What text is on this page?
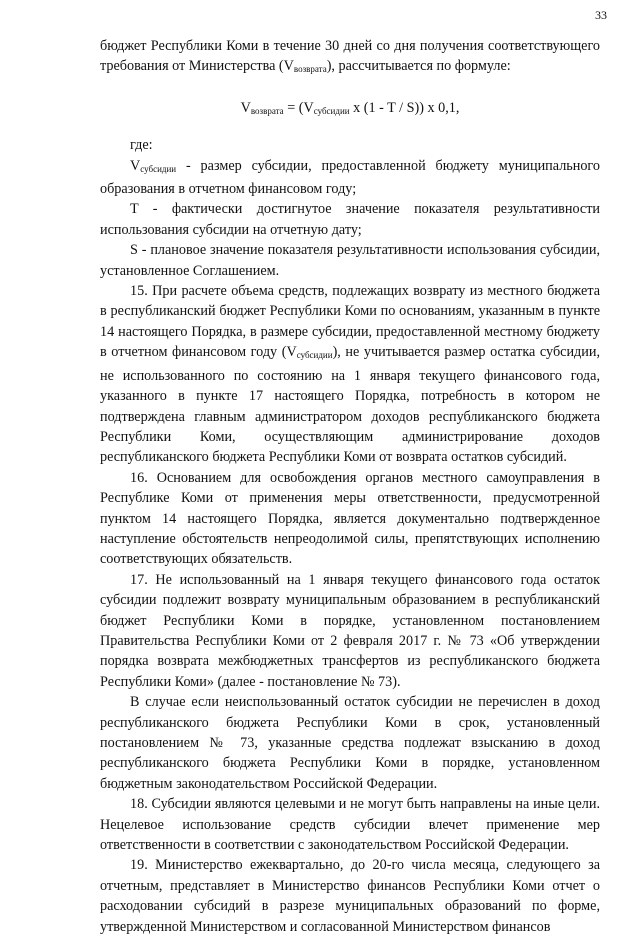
33

бюджет Республики Коми в течение 30 дней со дня получения соответствующего требования от Министерства $(V_{возврата})$, рассчитывается по формуле:

$V_{возврата} = (V_{субсидии}$ x (1 - T / S)) x 0,1,

где:

$V_{субсидии}$ - размер субсидии, предоставленной бюджету муниципального образования в отчетном финансовом году;

T - фактически достигнутое значение показателя результативности использования субсидии на отчетную дату;

S - плановое значение показателя результативности использования субсидии, установленное Соглашением.

15. При расчете объема средств, подлежащих возврату из местного бюджета в республиканский бюджет Республики Коми по основаниям, указанным в пункте 14 настоящего Порядка, в размере субсидии, предоставленной местному бюджету в отчетном финансовом году $(V_{субсидии})$, не учитывается размер остатка субсидии, не использованного по состоянию на 1 января текущего финансового года, указанного в пункте 17 настоящего Порядка, потребность в котором не подтверждена главным администратором доходов республиканского бюджета Республики Коми, осуществляющим администрирование доходов республиканского бюджета Республики Коми от возврата остатков субсидий.

16. Основанием для освобождения органов местного самоуправления в Республике Коми от применения меры ответственности, предусмотренной пунктом 14 настоящего Порядка, является документально подтвержденное наступление обстоятельств непреодолимой силы, препятствующих исполнению соответствующих обязательств.

17. Не использованный на 1 января текущего финансового года остаток субсидии подлежит возврату муниципальным образованием в республиканский бюджет Республики Коми в порядке, установленном постановлением Правительства Республики Коми от 2 февраля 2017 г. № 73 «Об утверждении порядка возврата межбюджетных трансфертов из республиканского бюджета Республики Коми» (далее - постановление № 73).

В случае если неиспользованный остаток субсидии не перечислен в доход республиканского бюджета Республики Коми в срок, установленный постановлением № 73, указанные средства подлежат взысканию в доход республиканского бюджета Республики Коми в порядке, установленном бюджетным законодательством Российской Федерации.

18. Субсидии являются целевыми и не могут быть направлены на иные цели. Нецелевое использование средств субсидии влечет применение мер ответственности в соответствии с законодательством Российской Федерации.

19. Министерство ежеквартально, до 20-го числа месяца, следующего за отчетным, представляет в Министерство финансов Республики Коми отчет о расходовании субсидий в разрезе муниципальных образований по форме, утвержденной Министерством и согласованной Министерством финансов
